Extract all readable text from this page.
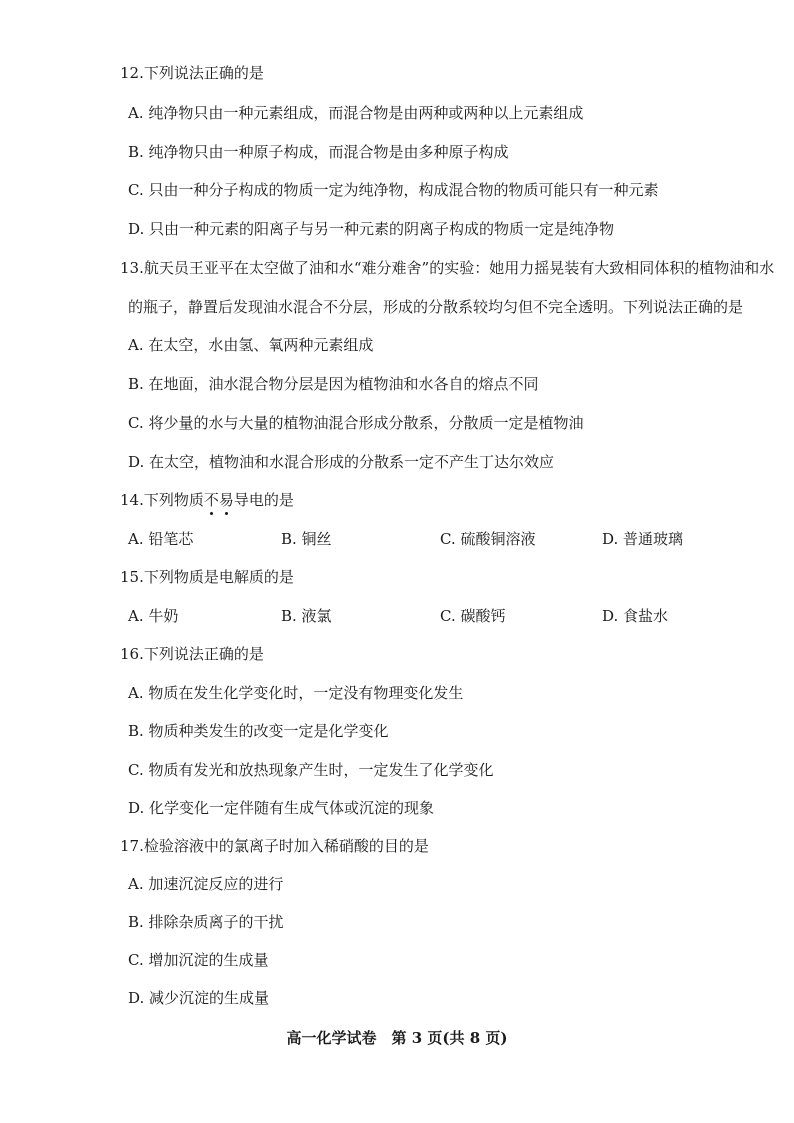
12.下列说法正确的是
A. 纯净物只由一种元素组成，而混合物是由两种或两种以上元素组成
B. 纯净物只由一种原子构成，而混合物是由多种原子构成
C. 只由一种分子构成的物质一定为纯净物，构成混合物的物质可能只有一种元素
D. 只由一种元素的阳离子与另一种元素的阴离子构成的物质一定是纯净物
13.航天员王亚平在太空做了油和水“难分难舍”的实验：她用力摇晃装有大致相同体积的植物油和水
的瓶子，静置后发现油水混合不分层，形成的分散系较均匀但不完全透明。下列说法正确的是
A. 在太空，水由氢、氧两种元素组成
B. 在地面，油水混合物分层是因为植物油和水各自的熔点不同
C. 将少量的水与大量的植物油混合形成分散系，分散质一定是植物油
D. 在太空，植物油和水混合形成的分散系一定不产生丁达尔效应
14.下列物质不易导电的是
A. 铅笔芯	B. 铜丝	C. 硫酸铜溶液	D. 普通玻璃
15.下列物质是电解质的是
A. 牛奶	B. 液氯	C. 碳酸钙	D. 食盐水
16.下列说法正确的是
A. 物质在发生化学变化时，一定没有物理变化发生
B. 物质种类发生的改变一定是化学变化
C. 物质有发光和放热现象产生时，一定发生了化学变化
D. 化学变化一定伴随有生成气体或沉淀的现象
17.检验溶液中的氯离子时加入稀硝酸的目的是
A. 加速沉淀反应的进行
B. 排除杂质离子的干扰
C. 增加沉淀的生成量
D. 减少沉淀的生成量
高一化学试卷　第 3 页(共 8 页)
